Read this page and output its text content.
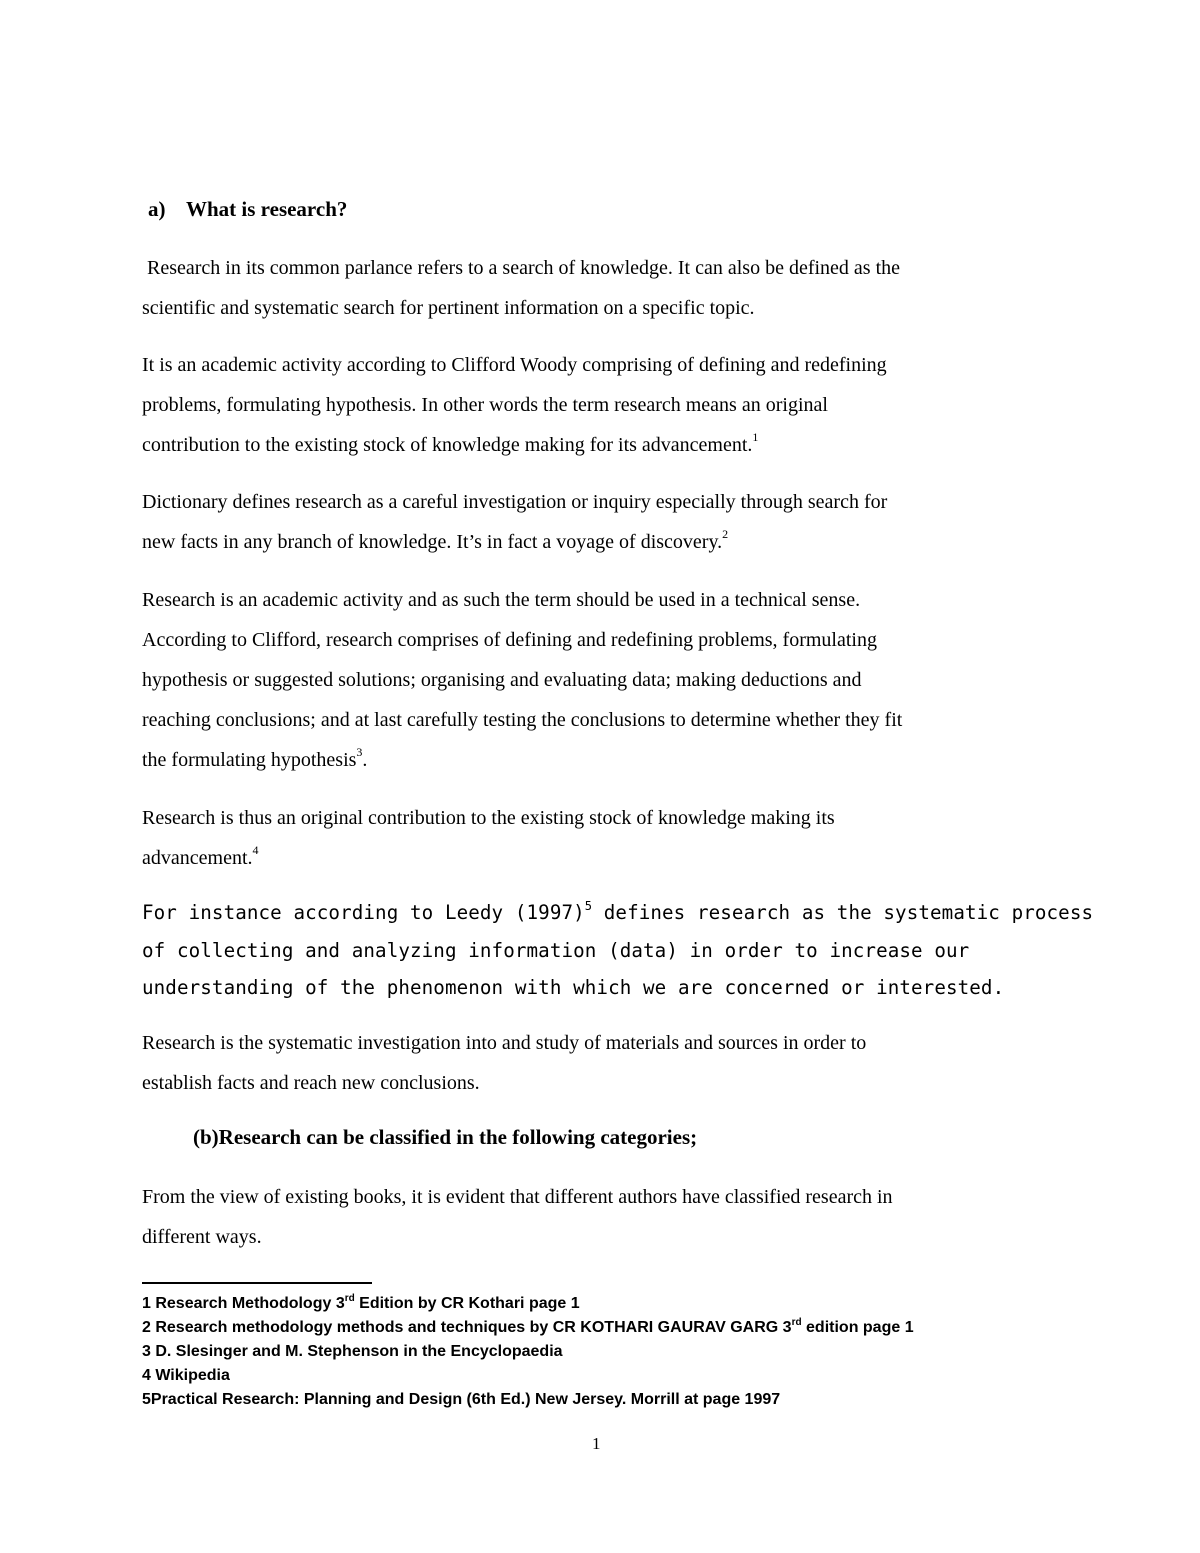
a) What is research?

Research in its common parlance refers to a search of knowledge. It can also be defined as the
scientific and systematic search for pertinent information on a specific topic.

It is an academic activity according to Clifford Woody comprising of defining and redefining
problems, formulating hypothesis. In other words the term research means an original
contribution to the existing stock of knowledge making for its advancement.$^1$

Dictionary defines research as a careful investigation or inquiry especially through search for
new facts in any branch of knowledge. It’s in fact a voyage of discovery.$^2$

Research is an academic activity and as such the term should be used in a technical sense.
According to Clifford, research comprises of defining and redefining problems, formulating
hypothesis or suggested solutions; organising and evaluating data; making deductions and
reaching conclusions; and at last carefully testing the conclusions to determine whether they fit
the formulating hypothesis$^3$.

Research is thus an original contribution to the existing stock of knowledge making its
advancement.$^4$

For instance according to Leedy $(1997)^5$ defines research as the systematic process
of collecting and analyzing information (data) in order to increase our
understanding of the phenomenon with which we are concerned or interested.

Research is the systematic investigation into and study of materials and sources in order to
establish facts and reach new conclusions.

(b)Research can be classified in the following categories;

From the view of existing books, it is evident that different authors have classified research in
different ways.

1 Research Methodology 3rd Edition by CR Kothari page 1
2 Research methodology methods and techniques by CR KOTHARI GAURAV GARG 3rd edition page 1
3 D. Slesinger and M. Stephenson in the Encyclopaedia
4 Wikipedia
5Practical Research: Planning and Design (6th Ed.) New Jersey. Morrill at page 1997

1
